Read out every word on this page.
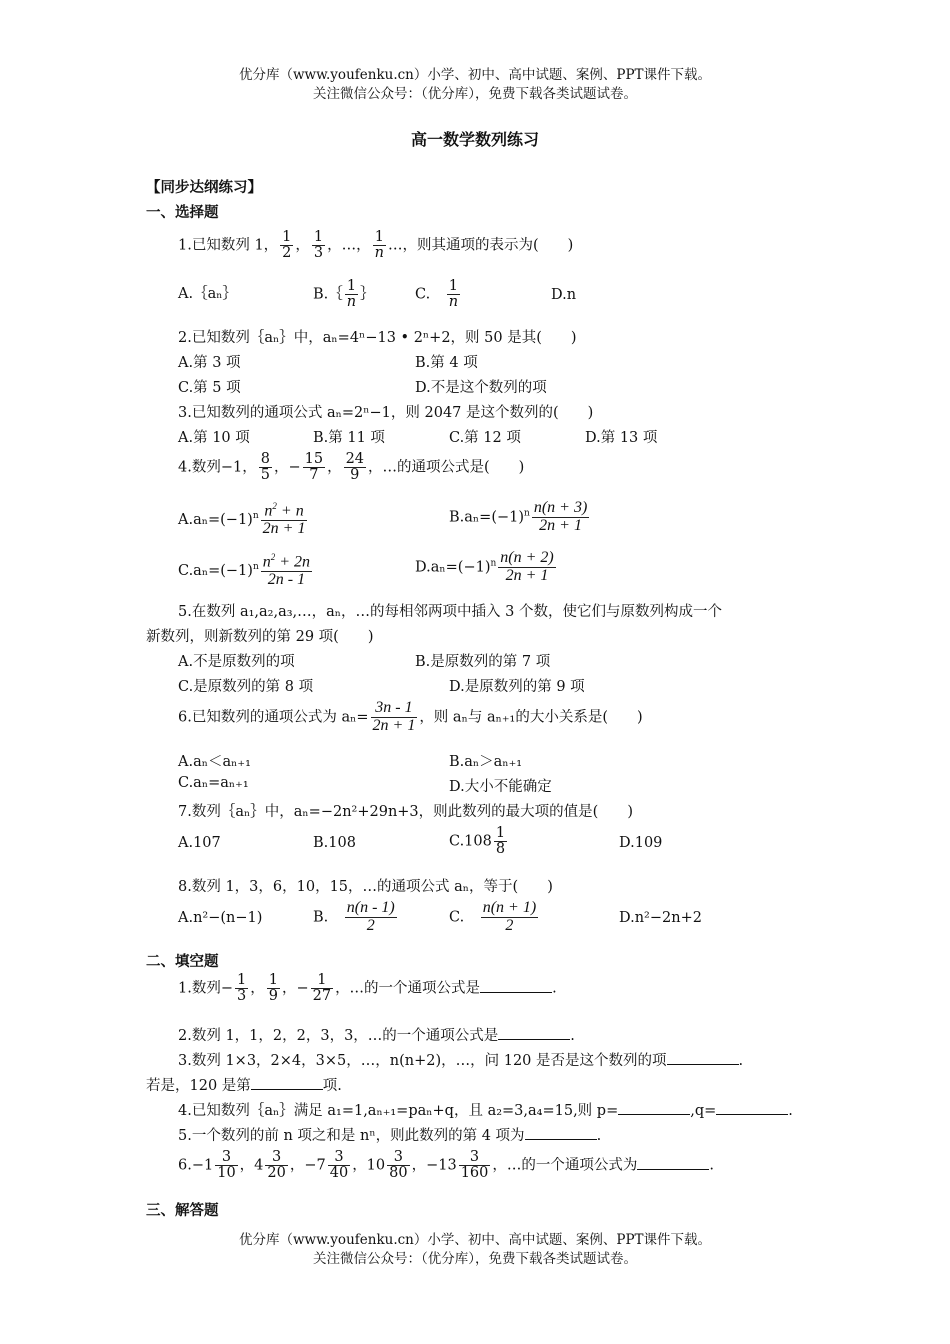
优分库（www.youfenku.cn）小学、初中、高中试题、案例、PPT课件下载。
关注微信公众号：（优分库），免费下载各类试题试卷。
高一数学数列练习
【同步达纲练习】
一、选择题
1.已知数列 1， $\frac{1}{2}$ ， $\frac{1}{3}$ ，…， $\frac{1}{n}$ …，则其通项的表示为(　　)
A.｛aₙ｝	B.｛ $\frac{1}{n}$ ｝	C.　 $\frac{1}{n}$	D.n
2.已知数列｛aₙ｝中，aₙ=4ⁿ−13 • 2ⁿ+2，则 50 是其(　　)
A.第 3 项	B.第 4 项
C.第 5 项	D.不是这个数列的项
3.已知数列的通项公式 aₙ=2ⁿ−1，则 2047 是这个数列的(　　)
A.第 10 项	B.第 11 项	C.第 12 项	D.第 13 项
4.数列−1， $\frac{8}{5}$ ，− $\frac{15}{7}$ ， $\frac{24}{9}$ ，…的通项公式是(　　)
$A.a_n=(-1)^n \frac{n^2 + n}{2n + 1}$	$B.a_n=(-1)^n \frac{n(n + 3)}{2n + 1}$
$C.a_n=(-1)^n \frac{n^2 + 2n}{2n - 1}$	$D.a_n=(-1)^n \frac{n(n + 2)}{2n + 1}$
5.在数列 a₁,a₂,a₃,…，aₙ，…的每相邻两项中插入 3 个数，使它们与原数列构成一个
新数列，则新数列的第 29 项(　　)
A.不是原数列的项	B.是原数列的第 7 项
C.是原数列的第 8 项	D.是原数列的第 9 项
6.已知数列的通项公式为 $a_n= \frac{3n - 1}{2n + 1}$ ，则 aₙ与 aₙ₊₁的大小关系是(　　)
A.aₙ＜aₙ₊₁	B.aₙ＞aₙ₊₁
C.aₙ=aₙ₊₁	D.大小不能确定
7.数列｛aₙ｝中，aₙ=−2n²+29n+3，则此数列的最大项的值是(　　)
A.107	B.108	$C.108 \frac{1}{8}$	D.109
8.数列 1，3，6，10，15，…的通项公式 aₙ，等于(　　)
A.n²−(n−1)	B.　 $\frac{n(n - 1)}{2}$	C.　 $\frac{n(n + 1)}{2}$	D.n²−2n+2
二、填空题
1.数列− $\frac{1}{3}$ ， $\frac{1}{9}$ ，− $\frac{1}{27}$ ，…的一个通项公式是	.
2.数列 1，1，2，2，3，3，…的一个通项公式是	.
3.数列 1×3，2×4，3×5，…，n(n+2)，…，问 120 是否是这个数列的项	.
若是，120 是第	项.
4.已知数列｛aₙ｝满足 a₁=1,aₙ₊₁=paₙ+q，且 a₂=3,a₄=15,则 p=	,q=	.
5.一个数列的前 n 项之和是 nⁿ，则此数列的第 4 项为	.
$6.-1 \frac{3}{10}$ ，$4 \frac{3}{20}$ ，$-7 \frac{3}{40}$ ，$10 \frac{3}{80}$ ，$-13 \frac{3}{160}$ ，…的一个通项公式为	.
三、解答题
优分库（www.youfenku.cn）小学、初中、高中试题、案例、PPT课件下载。
关注微信公众号：（优分库），免费下载各类试题试卷。
